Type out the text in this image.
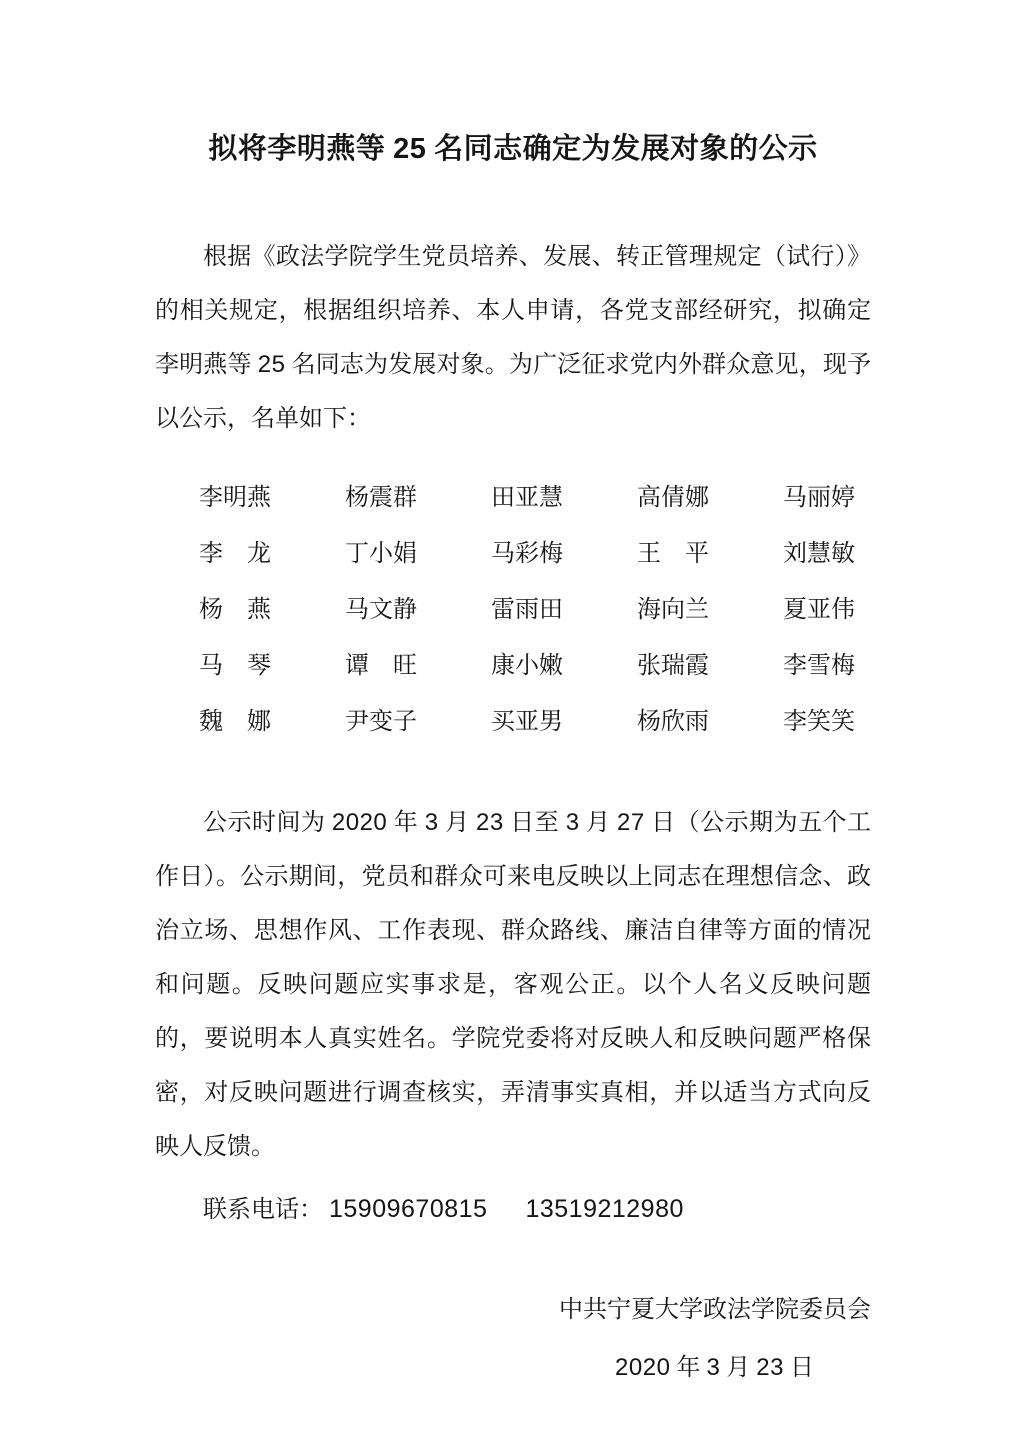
拟将李明燕等 25 名同志确定为发展对象的公示

根据《政法学院学生党员培养、发展、转正管理规定（试行）》的相关规定，根据组织培养、本人申请，各党支部经研究，拟确定李明燕等 25 名同志为发展对象。为广泛征求党内外群众意见，现予以公示，名单如下：

李明燕	杨震群	田亚慧	高倩娜	马丽婷
李　龙	丁小娟	马彩梅	王　平	刘慧敏
杨　燕	马文静	雷雨田	海向兰	夏亚伟
马　琴	谭　旺	康小嫩	张瑞霞	李雪梅
魏　娜	尹变子	买亚男	杨欣雨	李笑笑

公示时间为 2020 年 3 月 23 日至 3 月 27 日（公示期为五个工作日）。公示期间，党员和群众可来电反映以上同志在理想信念、政治立场、思想作风、工作表现、群众路线、廉洁自律等方面的情况和问题。反映问题应实事求是，客观公正。以个人名义反映问题的，要说明本人真实姓名。学院党委将对反映人和反映问题严格保密，对反映问题进行调查核实，弄清事实真相，并以适当方式向反映人反馈。

联系电话： 15909670815 13519212980

中共宁夏大学政法学院委员会

2020 年 3 月 23 日
